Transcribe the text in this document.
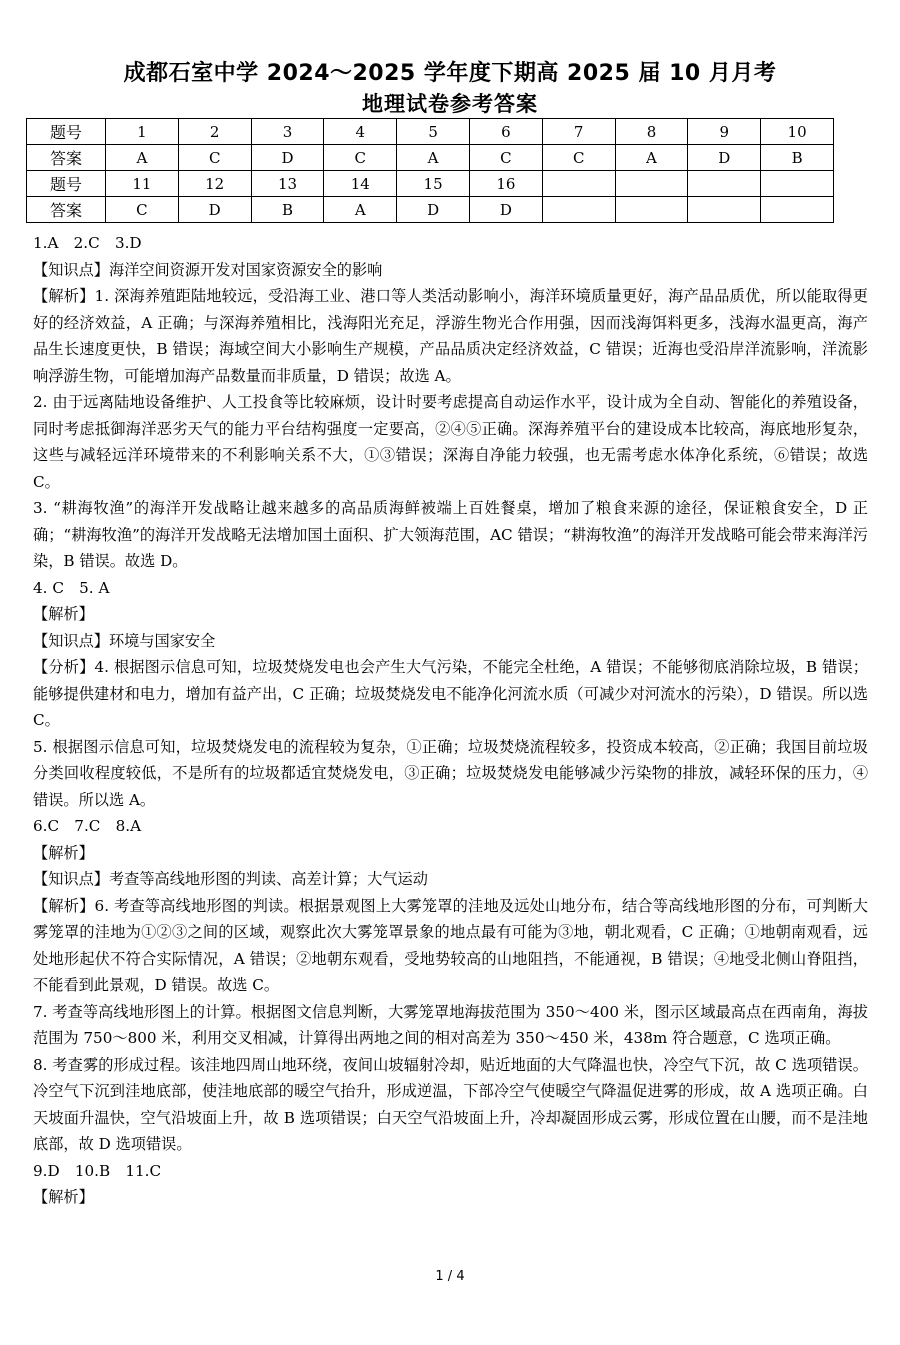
成都石室中学 2024～2025 学年度下期高 2025 届 10 月月考
地理试卷参考答案
题号	1	2	3	4	5	6	7	8	9	10
答案	A	C	D	C	A	C	C	A	D	B
题号	11	12	13	14	15	16				
答案	C	D	B	A	D	D				

1.A　2.C　3.D

【知识点】海洋空间资源开发对国家资源安全的影响

【解析】1. 深海养殖距陆地较远，受沿海工业、港口等人类活动影响小，海洋环境质量更好，海产品品质优，所以能取得更好的经济效益，A 正确；与深海养殖相比，浅海阳光充足，浮游生物光合作用强，因而浅海饵料更多，浅海水温更高，海产品生长速度更快，B 错误；海域空间大小影响生产规模，产品品质决定经济效益，C 错误；近海也受沿岸洋流影响，洋流影响浮游生物，可能增加海产品数量而非质量，D 错误；故选 A。

2. 由于远离陆地设备维护、人工投食等比较麻烦，设计时要考虑提高自动运作水平，设计成为全自动、智能化的养殖设备，同时考虑抵御海洋恶劣天气的能力平台结构强度一定要高，②④⑤正确。深海养殖平台的建设成本比较高，海底地形复杂，这些与减轻远洋环境带来的不利影响关系不大，①③错误；深海自净能力较强，也无需考虑水体净化系统，⑥错误；故选 C。

3. “耕海牧渔”的海洋开发战略让越来越多的高品质海鲜被端上百姓餐桌，增加了粮食来源的途径，保证粮食安全，D 正确；“耕海牧渔”的海洋开发战略无法增加国土面积、扩大领海范围，AC 错误；“耕海牧渔”的海洋开发战略可能会带来海洋污染，B 错误。故选 D。

4. C　5. A

【解析】

【知识点】环境与国家安全

【分析】4. 根据图示信息可知，垃圾焚烧发电也会产生大气污染，不能完全杜绝，A 错误；不能够彻底消除垃圾，B 错误；能够提供建材和电力，增加有益产出，C 正确；垃圾焚烧发电不能净化河流水质（可减少对河流水的污染），D 错误。所以选 C。

5. 根据图示信息可知，垃圾焚烧发电的流程较为复杂，①正确；垃圾焚烧流程较多，投资成本较高，②正确；我国目前垃圾分类回收程度较低，不是所有的垃圾都适宜焚烧发电，③正确；垃圾焚烧发电能够减少污染物的排放，减轻环保的压力，④错误。所以选 A。

6.C　7.C　8.A

【解析】

【知识点】考查等高线地形图的判读、高差计算；大气运动

【解析】6. 考查等高线地形图的判读。根据景观图上大雾笼罩的洼地及远处山地分布，结合等高线地形图的分布，可判断大雾笼罩的洼地为①②③之间的区域，观察此次大雾笼罩景象的地点最有可能为③地，朝北观看，C 正确；①地朝南观看，远处地形起伏不符合实际情况，A 错误；②地朝东观看，受地势较高的山地阻挡，不能通视，B 错误；④地受北侧山脊阻挡，不能看到此景观，D 错误。故选 C。

7. 考查等高线地形图上的计算。根据图文信息判断，大雾笼罩地海拔范围为 350～400 米，图示区域最高点在西南角，海拔范围为 750～800 米，利用交叉相减，计算得出两地之间的相对高差为 350～450 米，438m 符合题意，C 选项正确。

8. 考查雾的形成过程。该洼地四周山地环绕，夜间山坡辐射冷却，贴近地面的大气降温也快，冷空气下沉，故 C 选项错误。冷空气下沉到洼地底部，使洼地底部的暖空气抬升，形成逆温，下部冷空气使暖空气降温促进雾的形成，故 A 选项正确。白天坡面升温快，空气沿坡面上升，故 B 选项错误；白天空气沿坡面上升，冷却凝固形成云雾，形成位置在山腰，而不是洼地底部，故 D 选项错误。

9.D　10.B　11.C

【解析】

1 / 4
